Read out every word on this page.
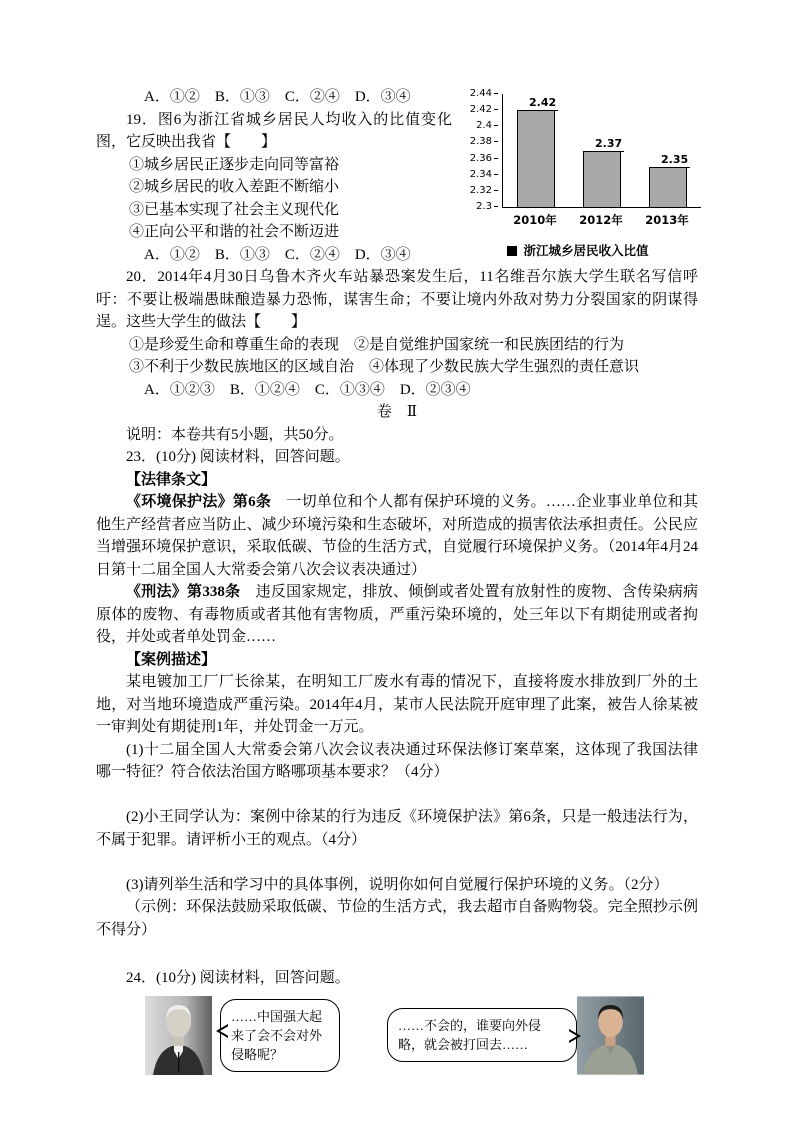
A．①②　B．①③　C．②④　D．③④

19．图6为浙江省城乡居民人均收入的比值变化图，它反映出我省【　　】

①城乡居民正逐步走向同等富裕

②城乡居民的收入差距不断缩小

③已基本实现了社会主义现代化

④正向公平和谐的社会不断迈进

A．①②　B．①③　C．②④　D．③④

2.3
2.32
2.34
2.36
2.38
2.4
2.42
2.44
2.42
2.37
2.35
2010年	2012年	2013年
浙江城乡居民收入比值

20．2014年4月30日乌鲁木齐火车站暴恐案发生后，11名维吾尔族大学生联名写信呼吁：不要让极端愚昧酿造暴力恐怖，谋害生命；不要让境内外敌对势力分裂国家的阴谋得逞。这些大学生的做法【　　】

①是珍爱生命和尊重生命的表现　②是自觉维护国家统一和民族团结的行为

③不利于少数民族地区的区域自治　④体现了少数民族大学生强烈的责任意识

A．①②③　B．①②④　C．①③④　D．②③④

卷　Ⅱ

说明：本卷共有5小题，共50分。

23．(10分) 阅读材料，回答问题。

【法律条文】

《环境保护法》第6条　一切单位和个人都有保护环境的义务。……企业事业单位和其他生产经营者应当防止、减少环境污染和生态破坏，对所造成的损害依法承担责任。公民应当增强环境保护意识，采取低碳、节俭的生活方式，自觉履行环境保护义务。（2014年4月24日第十二届全国人大常委会第八次会议表决通过）

《刑法》第338条　违反国家规定，排放、倾倒或者处置有放射性的废物、含传染病病原体的废物、有毒物质或者其他有害物质，严重污染环境的，处三年以下有期徒刑或者拘役，并处或者单处罚金……

【案例描述】

某电镀加工厂厂长徐某，在明知工厂废水有毒的情况下，直接将废水排放到厂外的土地，对当地环境造成严重污染。2014年4月，某市人民法院开庭审理了此案，被告人徐某被一审判处有期徒刑1年，并处罚金一万元。

(1)十二届全国人大常委会第八次会议表决通过环保法修订案草案，这体现了我国法律哪一特征？符合依法治国方略哪项基本要求？（4分）

(2)小王同学认为：案例中徐某的行为违反《环境保护法》第6条，只是一般违法行为，不属于犯罪。请评析小王的观点。（4分）

(3)请列举生活和学习中的具体事例，说明你如何自觉履行保护环境的义务。（2分）

（示例：环保法鼓励采取低碳、节俭的生活方式，我去超市自备购物袋。完全照抄示例不得分）

24．(10分) 阅读材料，回答问题。

……中国强大起来了会不会对外侵略呢？
……不会的，谁要向外侵略，就会被打回去……
